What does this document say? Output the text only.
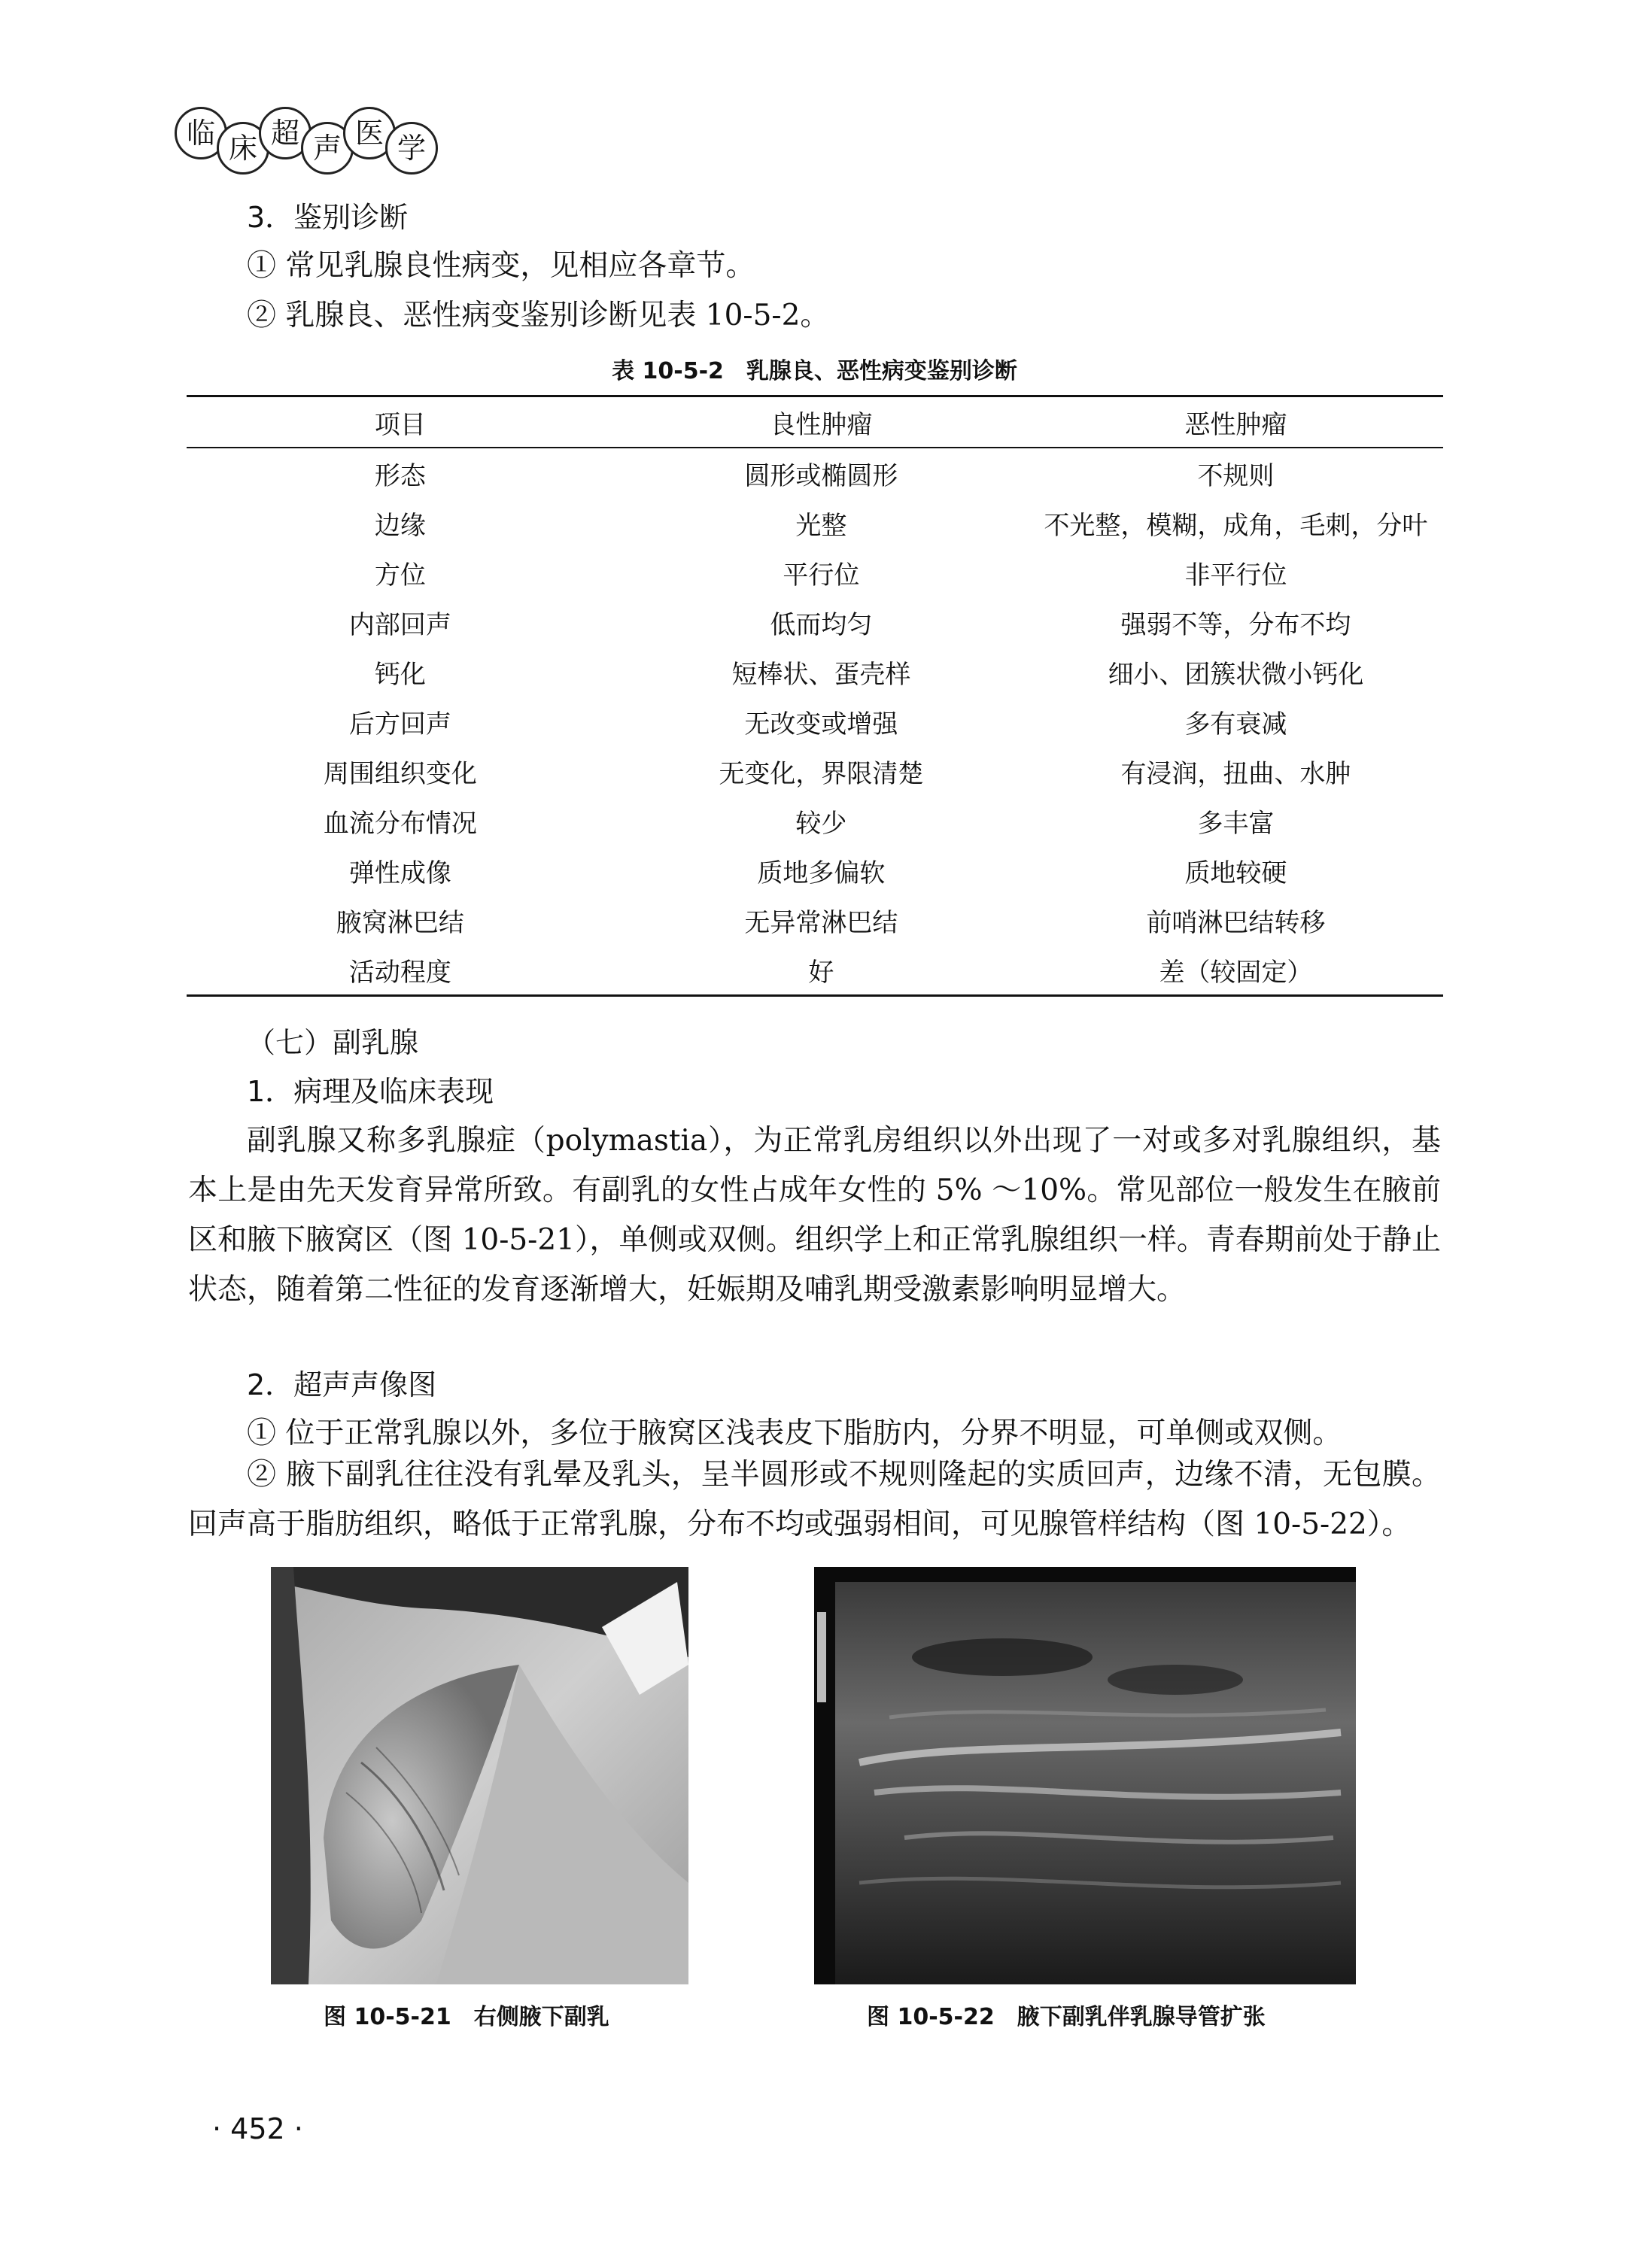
临 床 超 声 医 学
3．鉴别诊断
① 常见乳腺良性病变，见相应各章节。
② 乳腺良、恶性病变鉴别诊断见表 10-5-2。
表 10-5-2　乳腺良、恶性病变鉴别诊断
项目	良性肿瘤	恶性肿瘤
形态	圆形或椭圆形	不规则
边缘	光整	不光整，模糊，成角，毛刺，分叶
方位	平行位	非平行位
内部回声	低而均匀	强弱不等，分布不均
钙化	短棒状、蛋壳样	细小、团簇状微小钙化
后方回声	无改变或增强	多有衰减
周围组织变化	无变化，界限清楚	有浸润，扭曲、水肿
血流分布情况	较少	多丰富
弹性成像	质地多偏软	质地较硬
腋窝淋巴结	无异常淋巴结	前哨淋巴结转移
活动程度	好	差（较固定）
（七）副乳腺
1．病理及临床表现

副乳腺又称多乳腺症（polymastia），为正常乳房组织以外出现了一对或多对乳腺组织，基本上是由先天发育异常所致。有副乳的女性占成年女性的 5% ～10%。常见部位一般发生在腋前区和腋下腋窝区（图 10-5-21），单侧或双侧。组织学上和正常乳腺组织一样。青春期前处于静止状态，随着第二性征的发育逐渐增大，妊娠期及哺乳期受激素影响明显增大。

2．超声声像图
① 位于正常乳腺以外，多位于腋窝区浅表皮下脂肪内，分界不明显，可单侧或双侧。

② 腋下副乳往往没有乳晕及乳头，呈半圆形或不规则隆起的实质回声，边缘不清，无包膜。回声高于脂肪组织，略低于正常乳腺，分布不均或强弱相间，可见腺管样结构（图 10-5-22）。

图 10-5-21　右侧腋下副乳	图 10-5-22　腋下副乳伴乳腺导管扩张
· 452 ·
